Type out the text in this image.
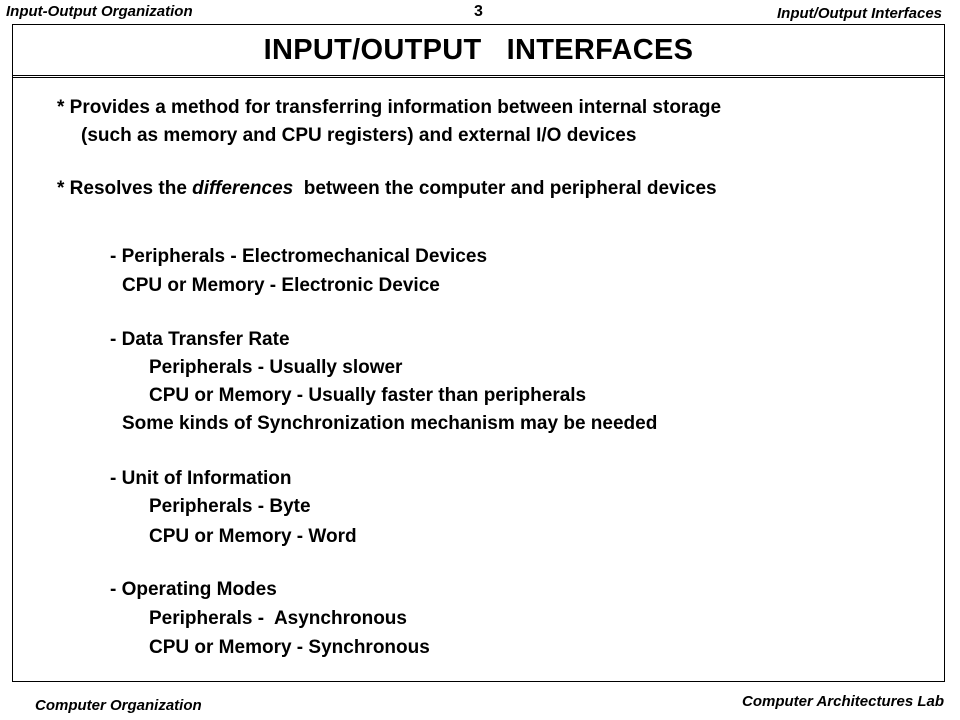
Input-Output Organization	3	Input/Output Interfaces
INPUT/OUTPUT   INTERFACES
* Provides a method for transferring information between internal storage
(such as memory and CPU registers) and external I/O devices
* Resolves the differences  between the computer and peripheral devices
- Peripherals - Electromechanical Devices
CPU or Memory - Electronic Device
- Data Transfer Rate
Peripherals - Usually slower
CPU or Memory - Usually faster than peripherals
Some kinds of Synchronization mechanism may be needed
- Unit of Information
Peripherals - Byte
CPU or Memory - Word
- Operating Modes
Peripherals -  Asynchronous
CPU or Memory - Synchronous
Computer Organization	Computer Architectures Lab
